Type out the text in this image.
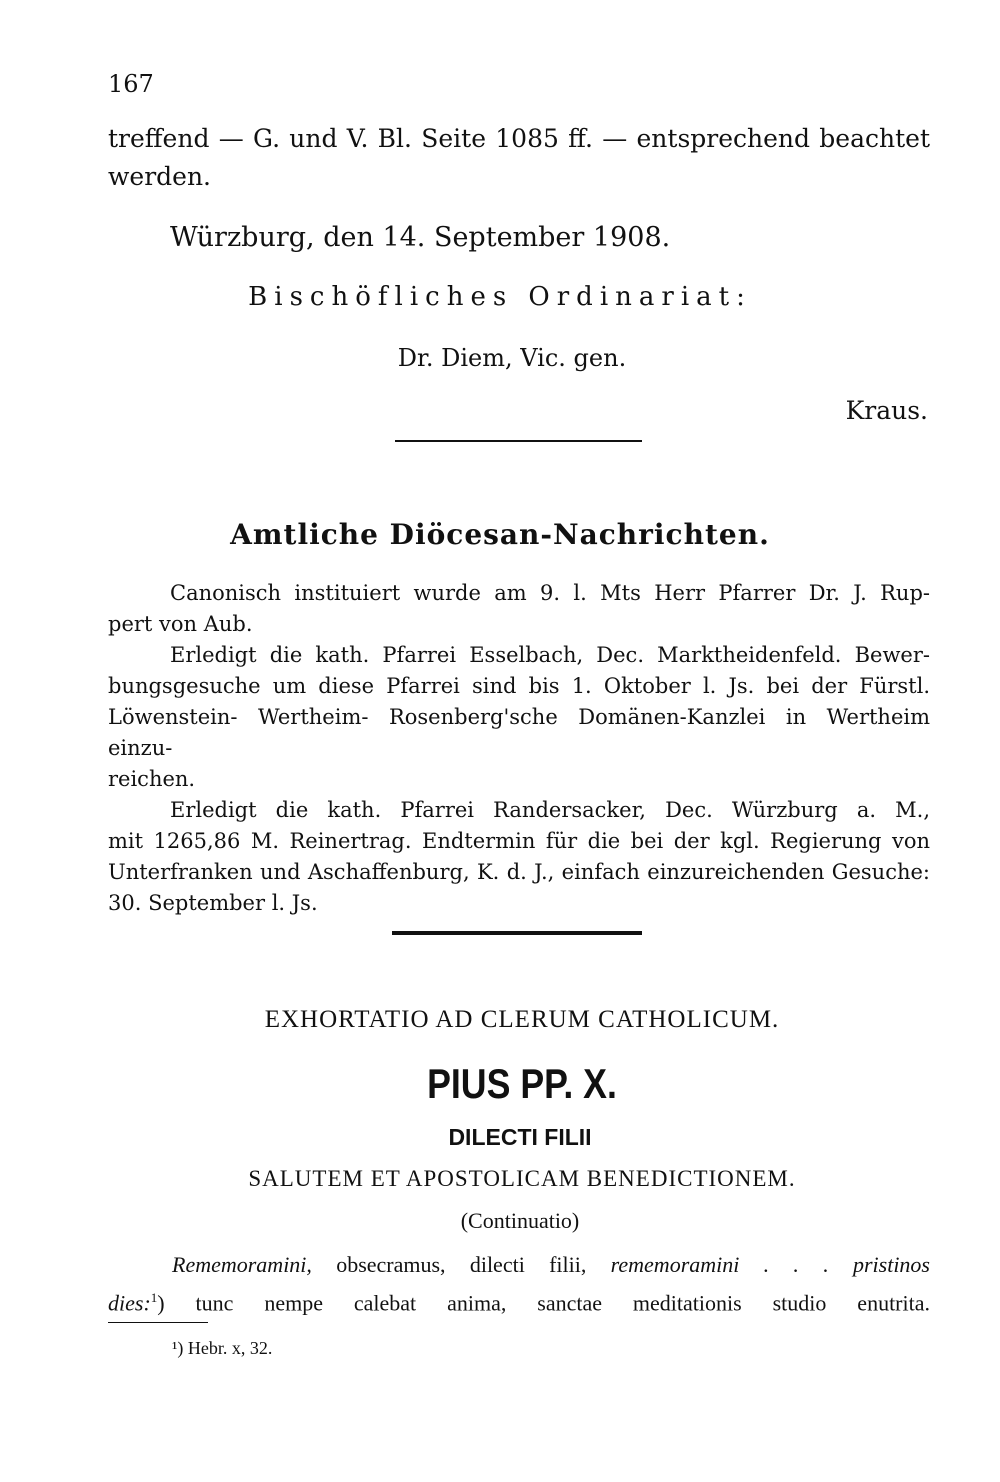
167
treffend — G. und V. Bl. Seite 1085 ff. — entsprechend beachtet
werden.
Würzburg, den 14. September 1908.
Bischöfliches Ordinariat:
Dr. Diem, Vic. gen.
Kraus.
Amtliche Diöcesan-Nachrichten.
Canonisch instituiert wurde am 9. l. Mts Herr Pfarrer Dr. J. Rup-
pert von Aub.
Erledigt die kath. Pfarrei Esselbach, Dec. Marktheidenfeld. Bewer-
bungsgesuche um diese Pfarrei sind bis 1. Oktober l. Js. bei der Fürstl.
Löwenstein- Wertheim- Rosenberg'sche Domänen-Kanzlei in Wertheim einzu-
reichen.
Erledigt die kath. Pfarrei Randersacker, Dec. Würzburg a. M.,
mit 1265,86 M. Reinertrag. Endtermin für die bei der kgl. Regierung von
Unterfranken und Aschaffenburg, K. d. J., einfach einzureichenden Gesuche:
30. September l. Js.
EXHORTATIO AD CLERUM CATHOLICUM.
PIUS PP. X.
DILECTI FILII
SALUTEM ET APOSTOLICAM BENEDICTIONEM.
(Continuatio)
Rememoramini, obsecramus, dilecti filii, rememoramini . . . pristinos
dies:$^1$) tunc nempe calebat anima, sanctae meditationis studio enutrita.
¹) Hebr. x, 32.
